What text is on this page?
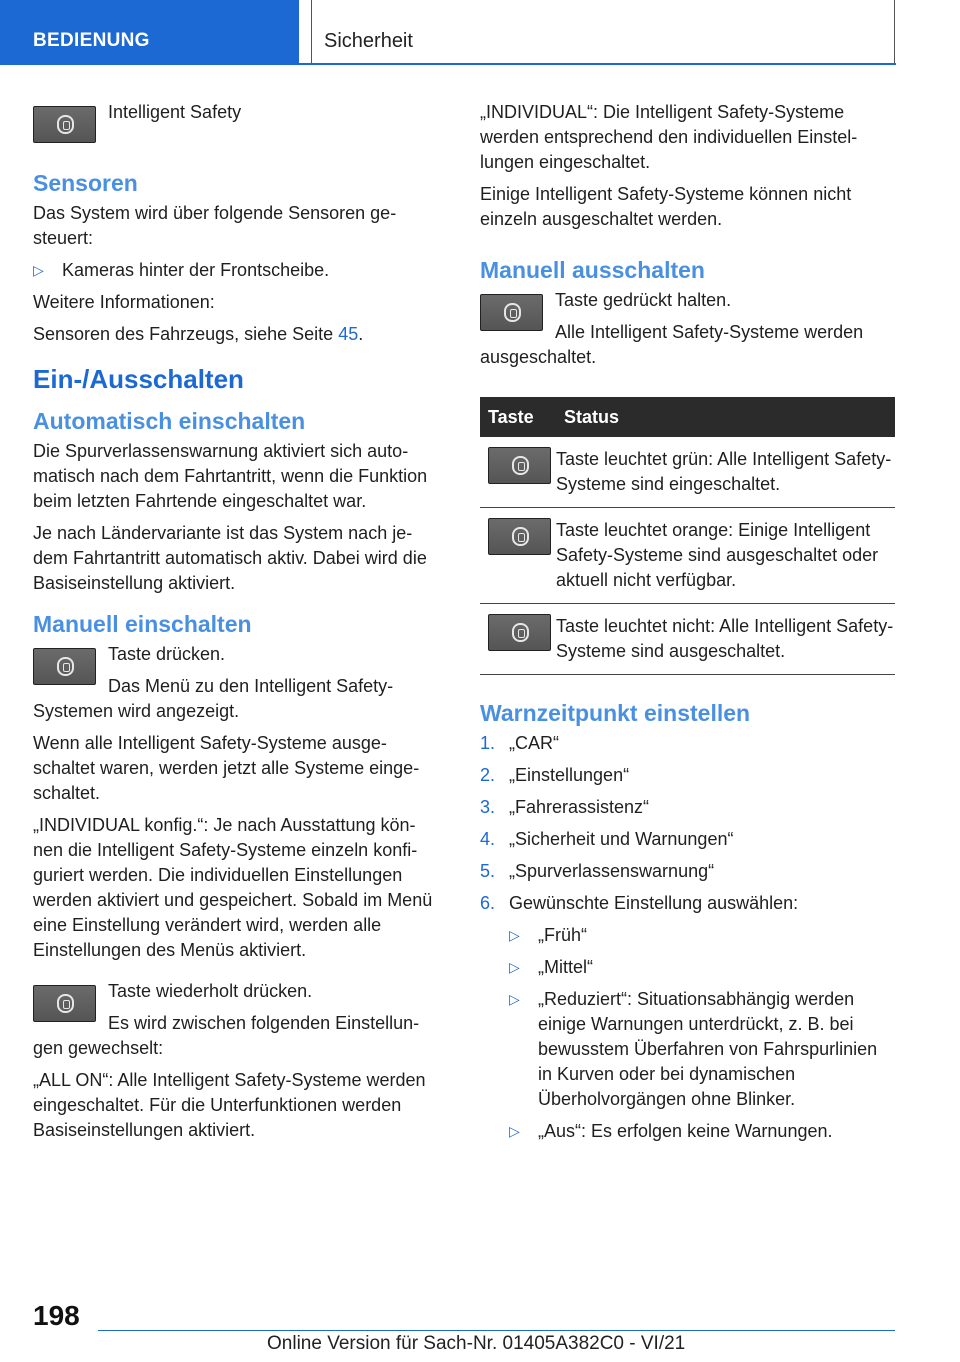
BEDIENUNG	Sicherheit

Intelligent Safety

Sensoren

Das System wird über folgende Sensoren gesteuert:

▷ Kameras hinter der Frontscheibe.

Weitere Informationen:

Sensoren des Fahrzeugs, siehe Seite 45.

Ein-/Ausschalten
Automatisch einschalten

Die Spurverlassenswarnung aktiviert sich automatisch nach dem Fahrtantritt, wenn die Funktion beim letzten Fahrtende eingeschaltet war.

Je nach Ländervariante ist das System nach jedem Fahrtantritt automatisch aktiv. Dabei wird die Basiseinstellung aktiviert.

Manuell einschalten

Taste drücken.

Das Menü zu den Intelligent Safety-Systemen wird angezeigt.

Wenn alle Intelligent Safety-Systeme ausgeschaltet waren, werden jetzt alle Systeme eingeschaltet.

„INDIVIDUAL konfig.“: Je nach Ausstattung können die Intelligent Safety-Systeme einzeln konfiguriert werden. Die individuellen Einstellungen werden aktiviert und gespeichert. Sobald im Menü eine Einstellung verändert wird, werden alle Einstellungen des Menüs aktiviert.

Taste wiederholt drücken.

Es wird zwischen folgenden Einstellungen gewechselt:

„ALL ON“: Alle Intelligent Safety-Systeme werden eingeschaltet. Für die Unterfunktionen werden Basiseinstellungen aktiviert.

„INDIVIDUAL“: Die Intelligent Safety-Systeme werden entsprechend den individuellen Einstellungen eingeschaltet.

Einige Intelligent Safety-Systeme können nicht einzeln ausgeschaltet werden.

Manuell ausschalten

Taste gedrückt halten.

Alle Intelligent Safety-Systeme werden ausgeschaltet.

Taste	Status

	Taste leuchtet grün: Alle Intelligent Safety-Systeme sind eingeschaltet.

	Taste leuchtet orange: Einige Intelligent Safety-Systeme sind ausgeschaltet oder aktuell nicht verfügbar.

	Taste leuchtet nicht: Alle Intelligent Safety-Systeme sind ausgeschaltet.
Warnzeitpunkt einstellen
1. „CAR“
2. „Einstellungen“
3. „Fahrerassistenz“
4. „Sicherheit und Warnungen“
5. „Spurverlassenswarnung“
6. Gewünschte Einstellung auswählen:
▷ „Früh“
▷ „Mittel“
▷ „Reduziert“: Situationsabhängig werden einige Warnungen unterdrückt, z. B. bei bewusstem Überfahren von Fahrspurlinien in Kurven oder bei dynamischen Überholvorgängen ohne Blinker.
▷ „Aus“: Es erfolgen keine Warnungen.
198
Online Version für Sach-Nr. 01405A382C0 - VI/21
